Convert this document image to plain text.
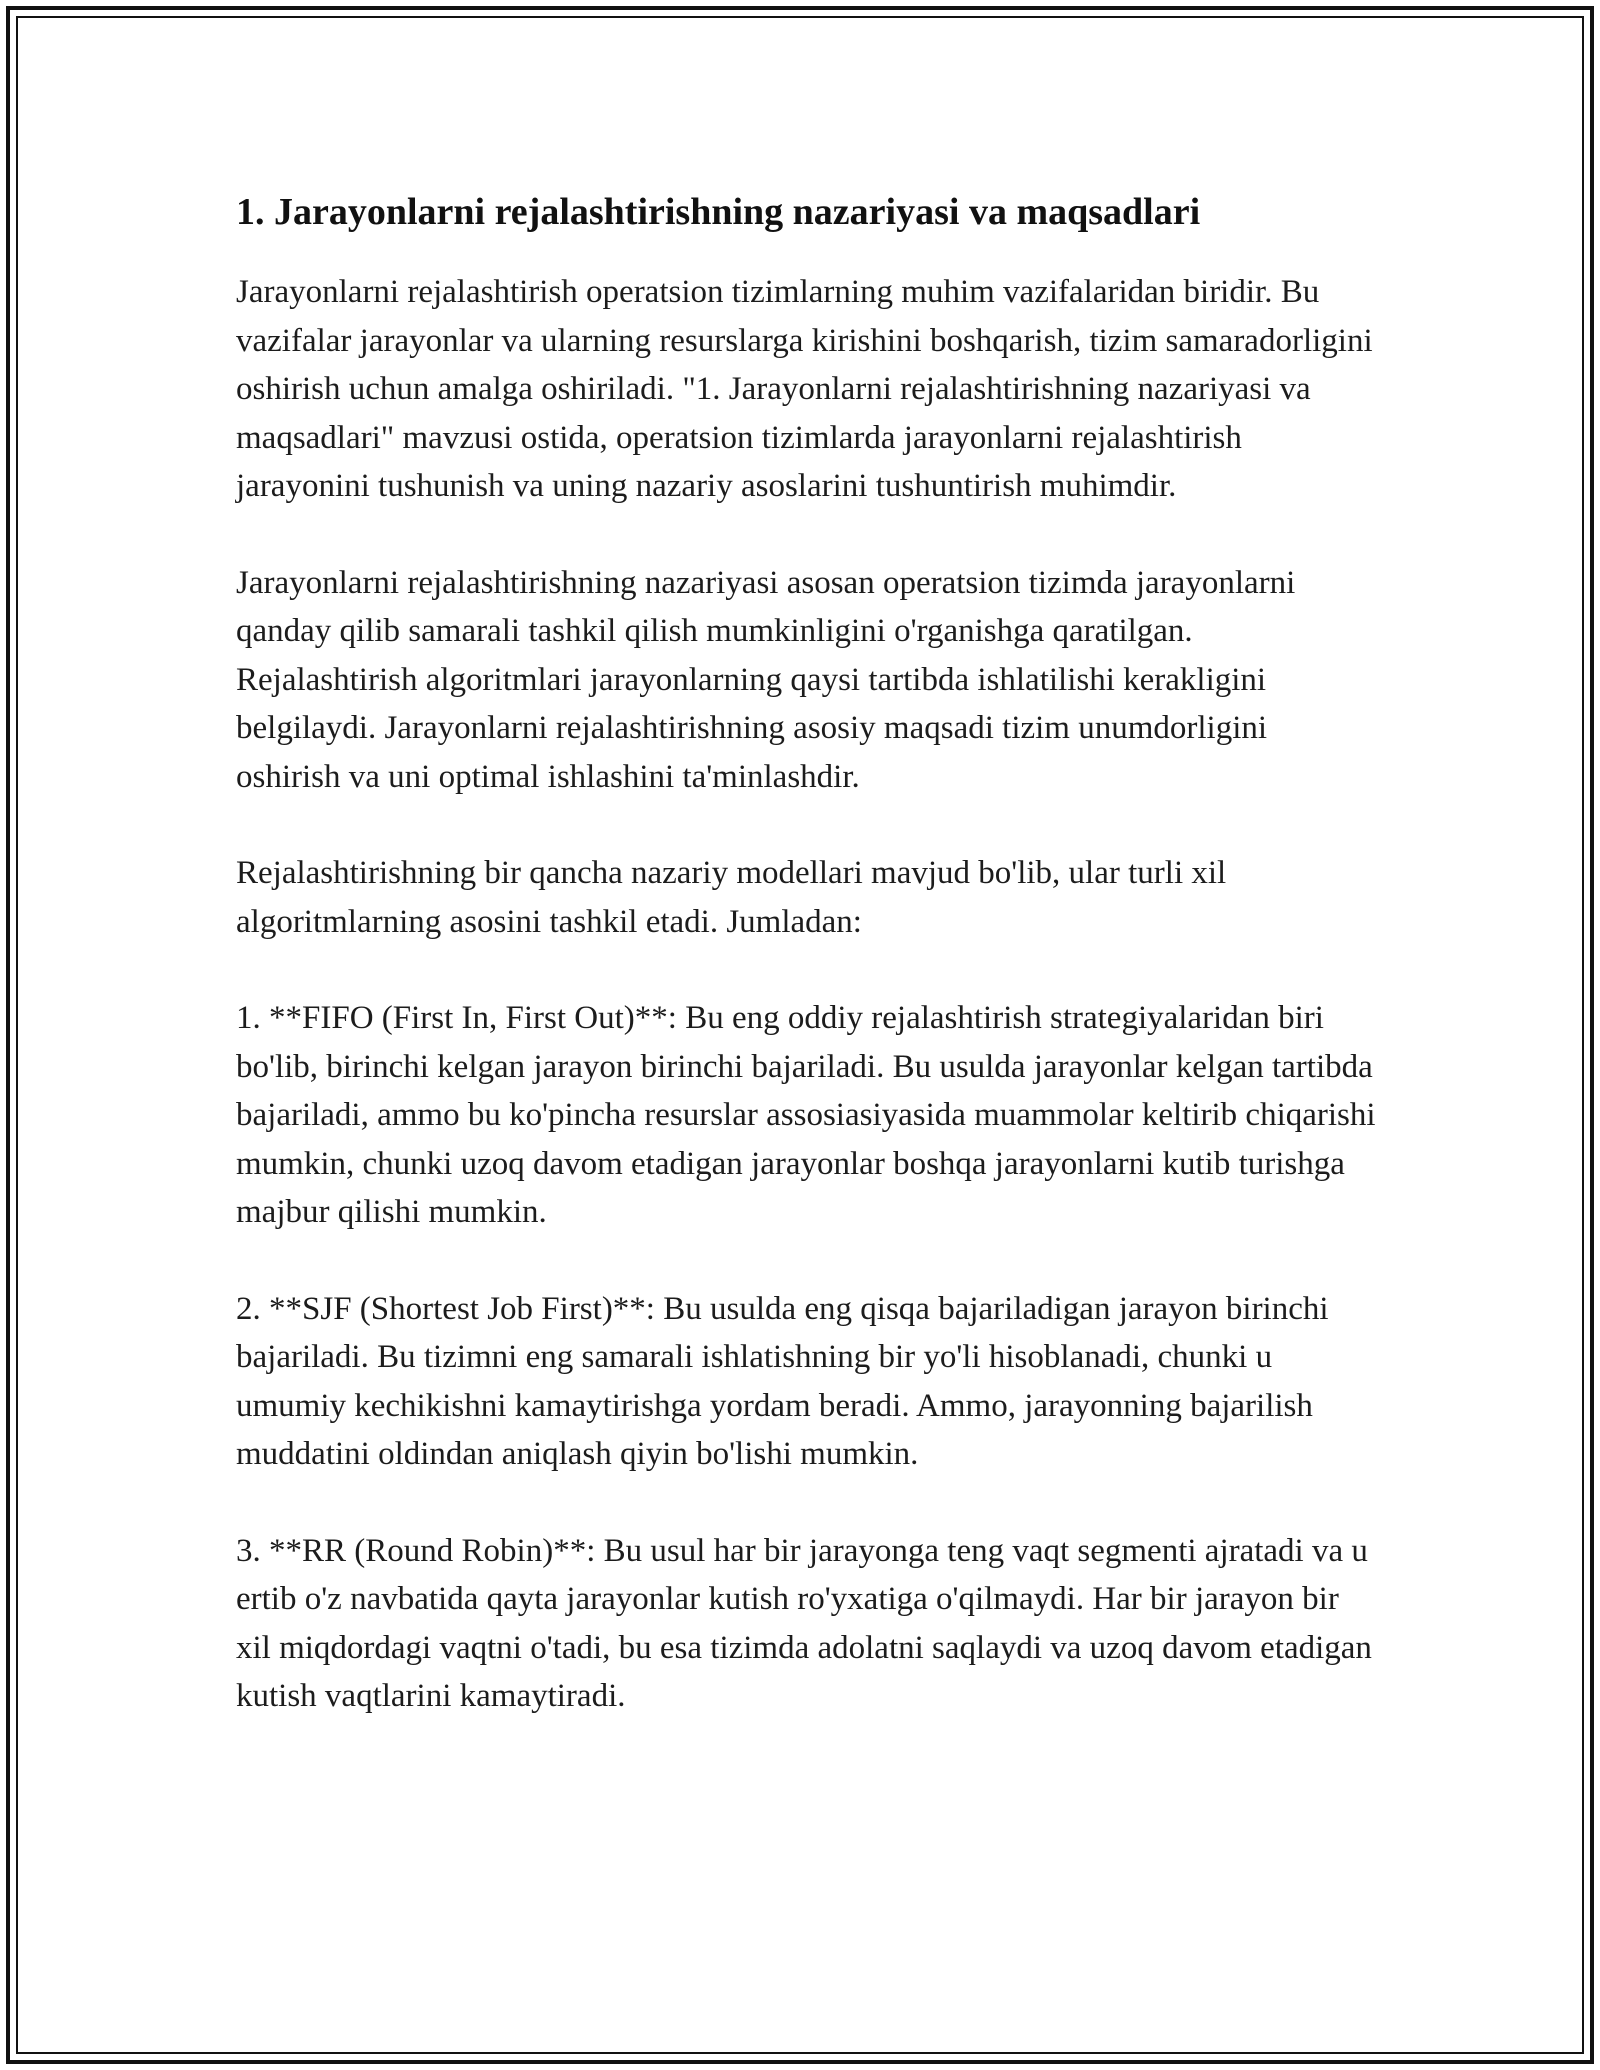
1. Jarayonlarni rejalashtirishning nazariyasi va maqsadlari

Jarayonlarni rejalashtirish operatsion tizimlarning muhim vazifalaridan biridir. Bu vazifalar jarayonlar va ularning resurslarga kirishini boshqarish, tizim samaradorligini oshirish uchun amalga oshiriladi. "1. Jarayonlarni rejalashtirishning nazariyasi va maqsadlari" mavzusi ostida, operatsion tizimlarda jarayonlarni rejalashtirish jarayonini tushunish va uning nazariy asoslarini tushuntirish muhimdir.

Jarayonlarni rejalashtirishning nazariyasi asosan operatsion tizimda jarayonlarni qanday qilib samarali tashkil qilish mumkinligini o'rganishga qaratilgan. Rejalashtirish algoritmlari jarayonlarning qaysi tartibda ishlatilishi kerakligini belgilaydi. Jarayonlarni rejalashtirishning asosiy maqsadi tizim unumdorligini oshirish va uni optimal ishlashini ta'minlashdir.

Rejalashtirishning bir qancha nazariy modellari mavjud bo'lib, ular turli xil algoritmlarning asosini tashkil etadi. Jumladan:

1. **FIFO (First In, First Out)**: Bu eng oddiy rejalashtirish strategiyalaridan biri bo'lib, birinchi kelgan jarayon birinchi bajariladi. Bu usulda jarayonlar kelgan tartibda bajariladi, ammo bu ko'pincha resurslar assosiasiyasida muammolar keltirib chiqarishi mumkin, chunki uzoq davom etadigan jarayonlar boshqa jarayonlarni kutib turishga majbur qilishi mumkin.

2. **SJF (Shortest Job First)**: Bu usulda eng qisqa bajariladigan jarayon birinchi bajariladi. Bu tizimni eng samarali ishlatishning bir yo'li hisoblanadi, chunki u umumiy kechikishni kamaytirishga yordam beradi. Ammo, jarayonning bajarilish muddatini oldindan aniqlash qiyin bo'lishi mumkin.

3. **RR (Round Robin)**: Bu usul har bir jarayonga teng vaqt segmenti ajratadi va u ertib o'z navbatida qayta jarayonlar kutish ro'yxatiga o'qilmaydi. Har bir jarayon bir xil miqdordagi vaqtni o'tadi, bu esa tizimda adolatni saqlaydi va uzoq davom etadigan kutish vaqtlarini kamaytiradi.
